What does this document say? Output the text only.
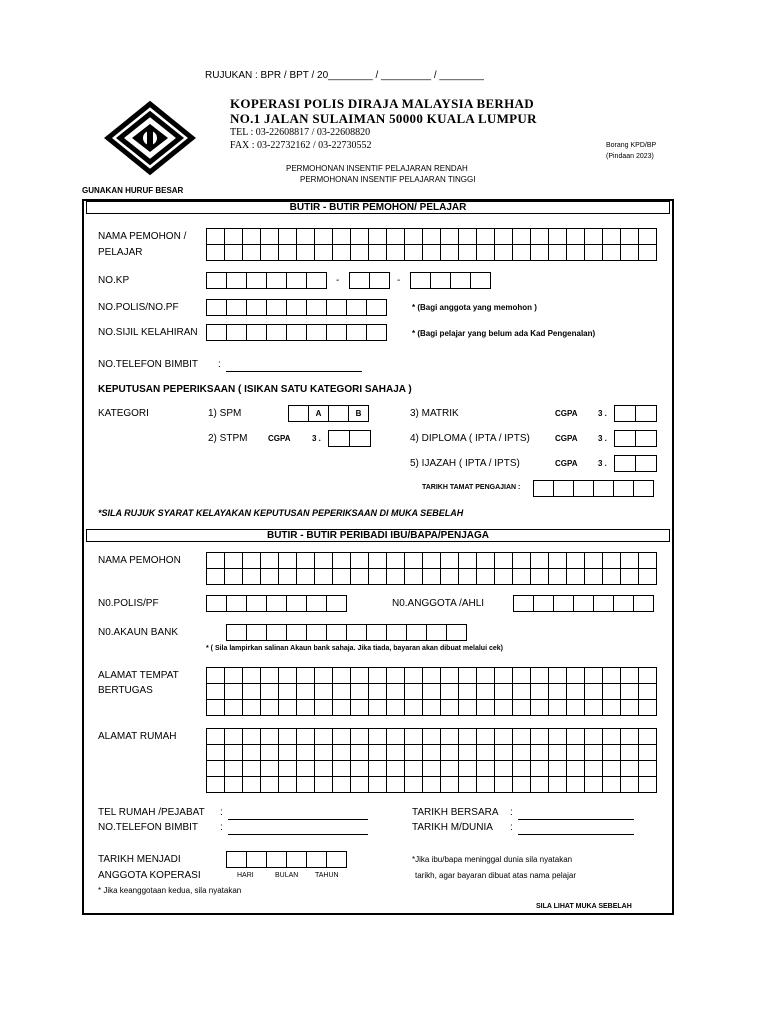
RUJUKAN : BPR / BPT / 20________ / _________ / ________
KOPERASI POLIS DIRAJA MALAYSIA BERHAD
NO.1 JALAN SULAIMAN 50000 KUALA LUMPUR
TEL : 03-22608817 / 03-22608820
FAX : 03-22732162 / 03-22730552	Borang KPD/BP
(Pindaan 2023)
PERMOHONAN INSENTIF PELAJARAN RENDAH
PERMOHONAN INSENTIF PELAJARAN TINGGI
GUNAKAN HURUF BESAR
BUTIR - BUTIR PEMOHON/ PELAJAR
NAMA PEMOHON /
PELAJAR
NO.KP	-	-
NO.POLIS/NO.PF	* (Bagi anggota yang memohon )
NO.SIJIL KELAHIRAN	* (Bagi pelajar yang belum ada Kad Pengenalan)
NO.TELEFON BIMBIT :
KEPUTUSAN PEPERIKSAAN ( ISIKAN SATU KATEGORI SAHAJA )
KATEGORI	1) SPM	A	B	3) MATRIK	CGPA	3 .
2) STPM	CGPA	3 .	4) DIPLOMA ( IPTA / IPTS)	CGPA	3 .
5) IJAZAH ( IPTA / IPTS)	CGPA	3 .
TARIKH TAMAT PENGAJIAN :
*SILA RUJUK SYARAT KELAYAKAN KEPUTUSAN PEPERIKSAAN DI MUKA SEBELAH
BUTIR - BUTIR PERIBADI IBU/BAPA/PENJAGA
NAMA PEMOHON
N0.POLIS/PF	N0.ANGGOTA /AHLI
N0.AKAUN BANK
* ( Sila lampirkan salinan Akaun bank sahaja. Jika tiada, bayaran akan dibuat melalui cek)
ALAMAT TEMPAT
BERTUGAS
ALAMAT RUMAH
TEL RUMAH /PEJABAT :
NO.TELEFON BIMBIT :
TARIKH BERSARA :
TARIKH M/DUNIA :
TARIKH MENJADI
ANGGOTA KOPERASI	HARI	BULAN TAHUN
*Jika ibu/bapa meninggal dunia sila nyatakan
tarikh, agar bayaran dibuat atas nama pelajar
* Jika keanggotaan kedua, sila nyatakan
SILA LIHAT MUKA SEBELAH
